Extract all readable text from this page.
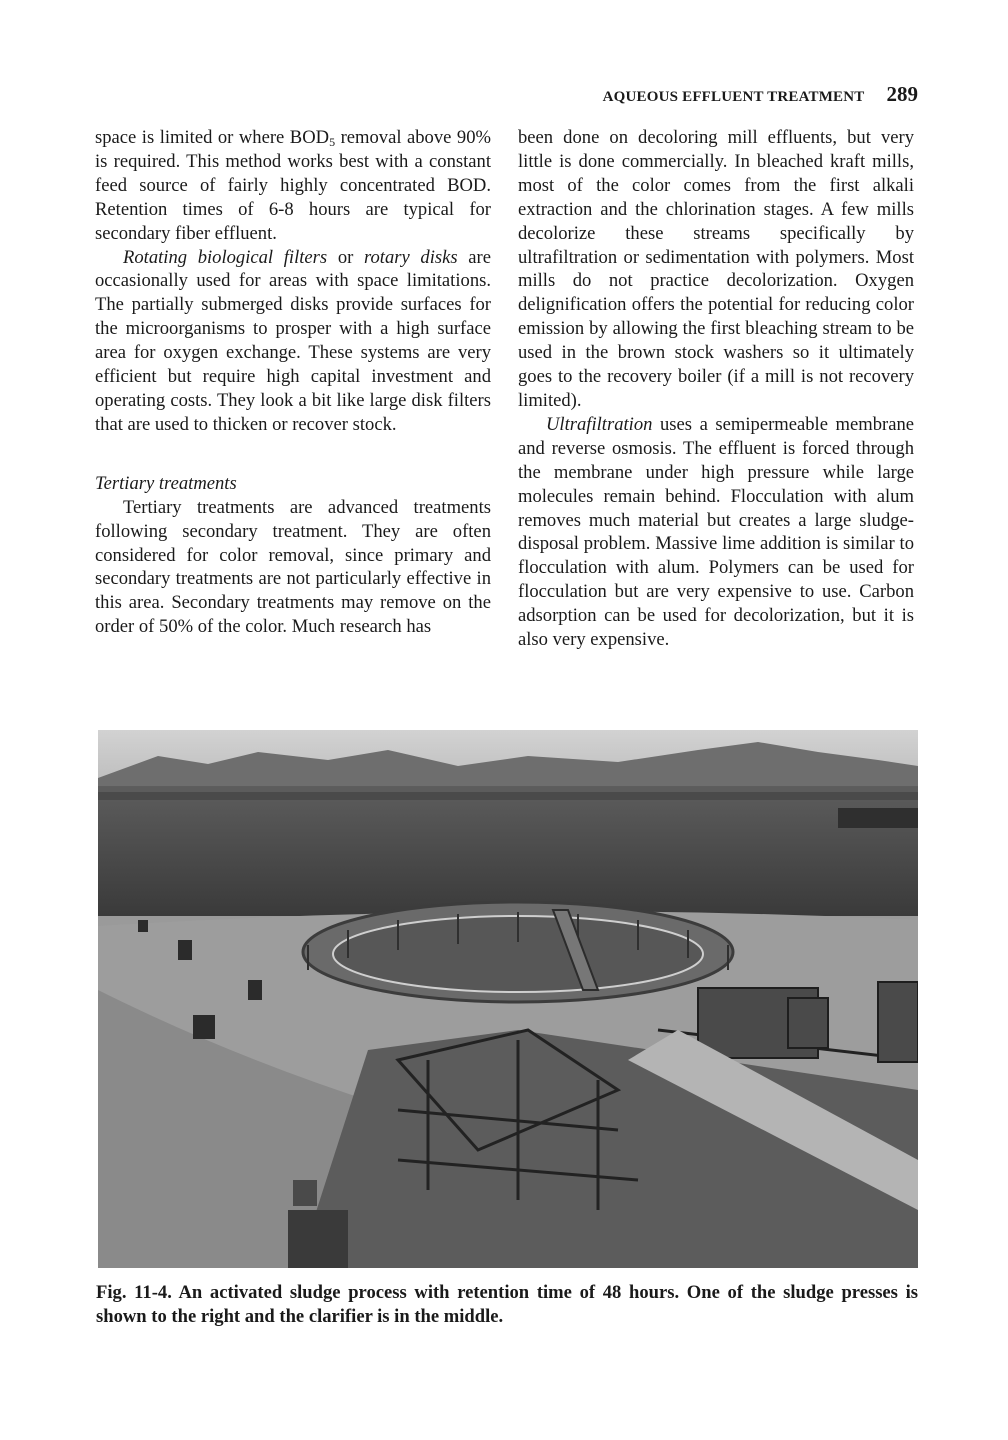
AQUEOUS EFFLUENT TREATMENT 289

space is limited or where $BOD_5$ removal above 90% is required. This method works best with a constant feed source of fairly highly concentrated BOD. Retention times of 6-8 hours are typical for secondary fiber effluent.

Rotating biological filters or rotary disks are occasionally used for areas with space limitations. The partially submerged disks provide surfaces for the microorganisms to prosper with a high surface area for oxygen exchange. These systems are very efficient but require high capital investment and operating costs. They look a bit like large disk filters that are used to thicken or recover stock.

Tertiary treatments

Tertiary treatments are advanced treatments following secondary treatment. They are often considered for color removal, since primary and secondary treatments are not particularly effective in this area. Secondary treatments may remove on the order of 50% of the color. Much research has

been done on decoloring mill effluents, but very little is done commercially. In bleached kraft mills, most of the color comes from the first alkali extraction and the chlorination stages. A few mills decolorize these streams specifically by ultrafiltration or sedimentation with polymers. Most mills do not practice decolorization. Oxygen delignification offers the potential for reducing color emission by allowing the first bleaching stream to be used in the brown stock washers so it ultimately goes to the recovery boiler (if a mill is not recovery limited).

Ultrafiltration uses a semipermeable membrane and reverse osmosis. The effluent is forced through the membrane under high pressure while large molecules remain behind. Flocculation with alum removes much material but creates a large sludge-disposal problem. Massive lime addition is similar to flocculation with alum. Polymers can be used for flocculation but are very expensive to use. Carbon adsorption can be used for decolorization, but it is also very expensive.

Fig. 11-4. An activated sludge process with retention time of 48 hours. One of the sludge presses is shown to the right and the clarifier is in the middle.
